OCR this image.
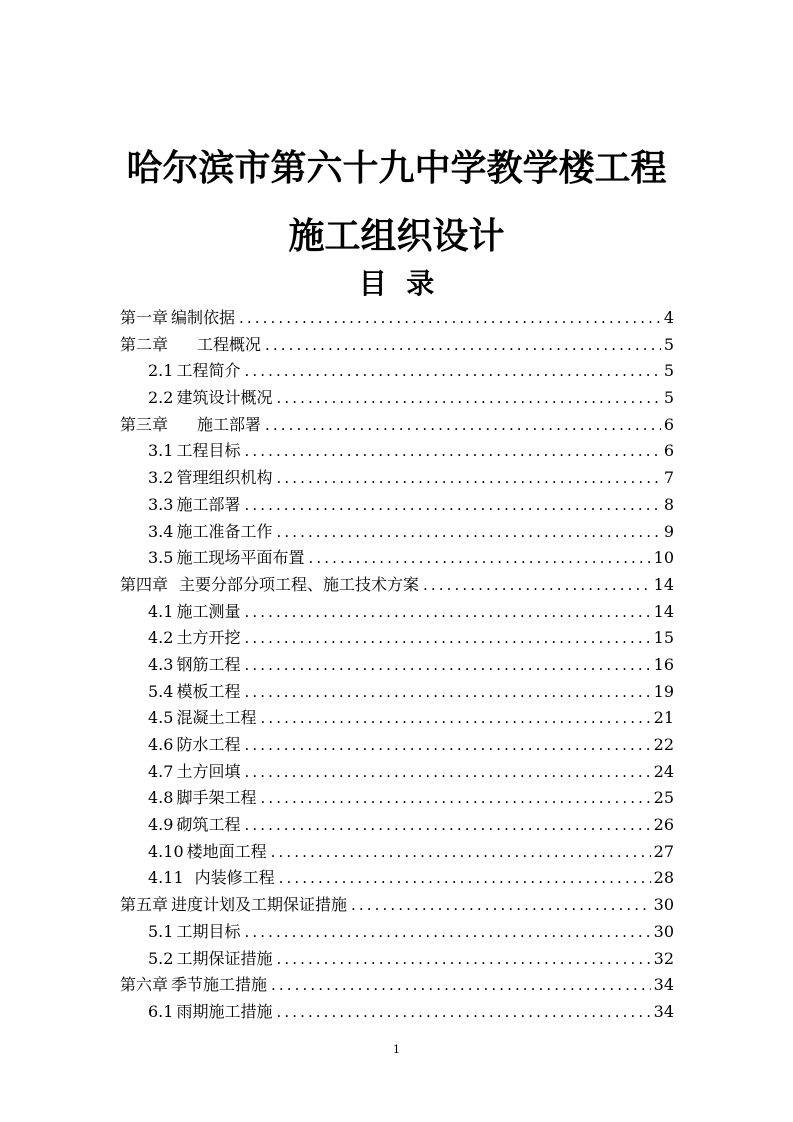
哈尔滨市第六十九中学教学楼工程
施工组织设计
目  录
第一章 编制依据 .....	4
第二章 工程概况 .....	5
2.1 工程简介 .....	5
2.2 建筑设计概况 .....	5
第三章 施工部署 .....	6
3.1 工程目标 .....	6
3.2 管理组织机构 .....	7
3.3 施工部署 .....	8
3.4 施工准备工作 .....	9
3.5 施工现场平面布置 .....	10
第四章 主要分部分项工程、施工技术方案 .....	14
4.1 施工测量 .....	14
4.2 土方开挖 .....	15
4.3 钢筋工程 .....	16
5.4 模板工程 .....	19
4.5 混凝土工程 .....	21
4.6 防水工程 .....	22
4.7 土方回填 .....	24
4.8 脚手架工程 .....	25
4.9 砌筑工程 .....	26
4.10 楼地面工程 .....	27
4.11 内装修工程 .....	28
第五章 进度计划及工期保证措施 .....	30
5.1 工期目标 .....	30
5.2 工期保证措施 .....	32
第六章 季节施工措施 .....	34
6.1 雨期施工措施 .....	34
1
